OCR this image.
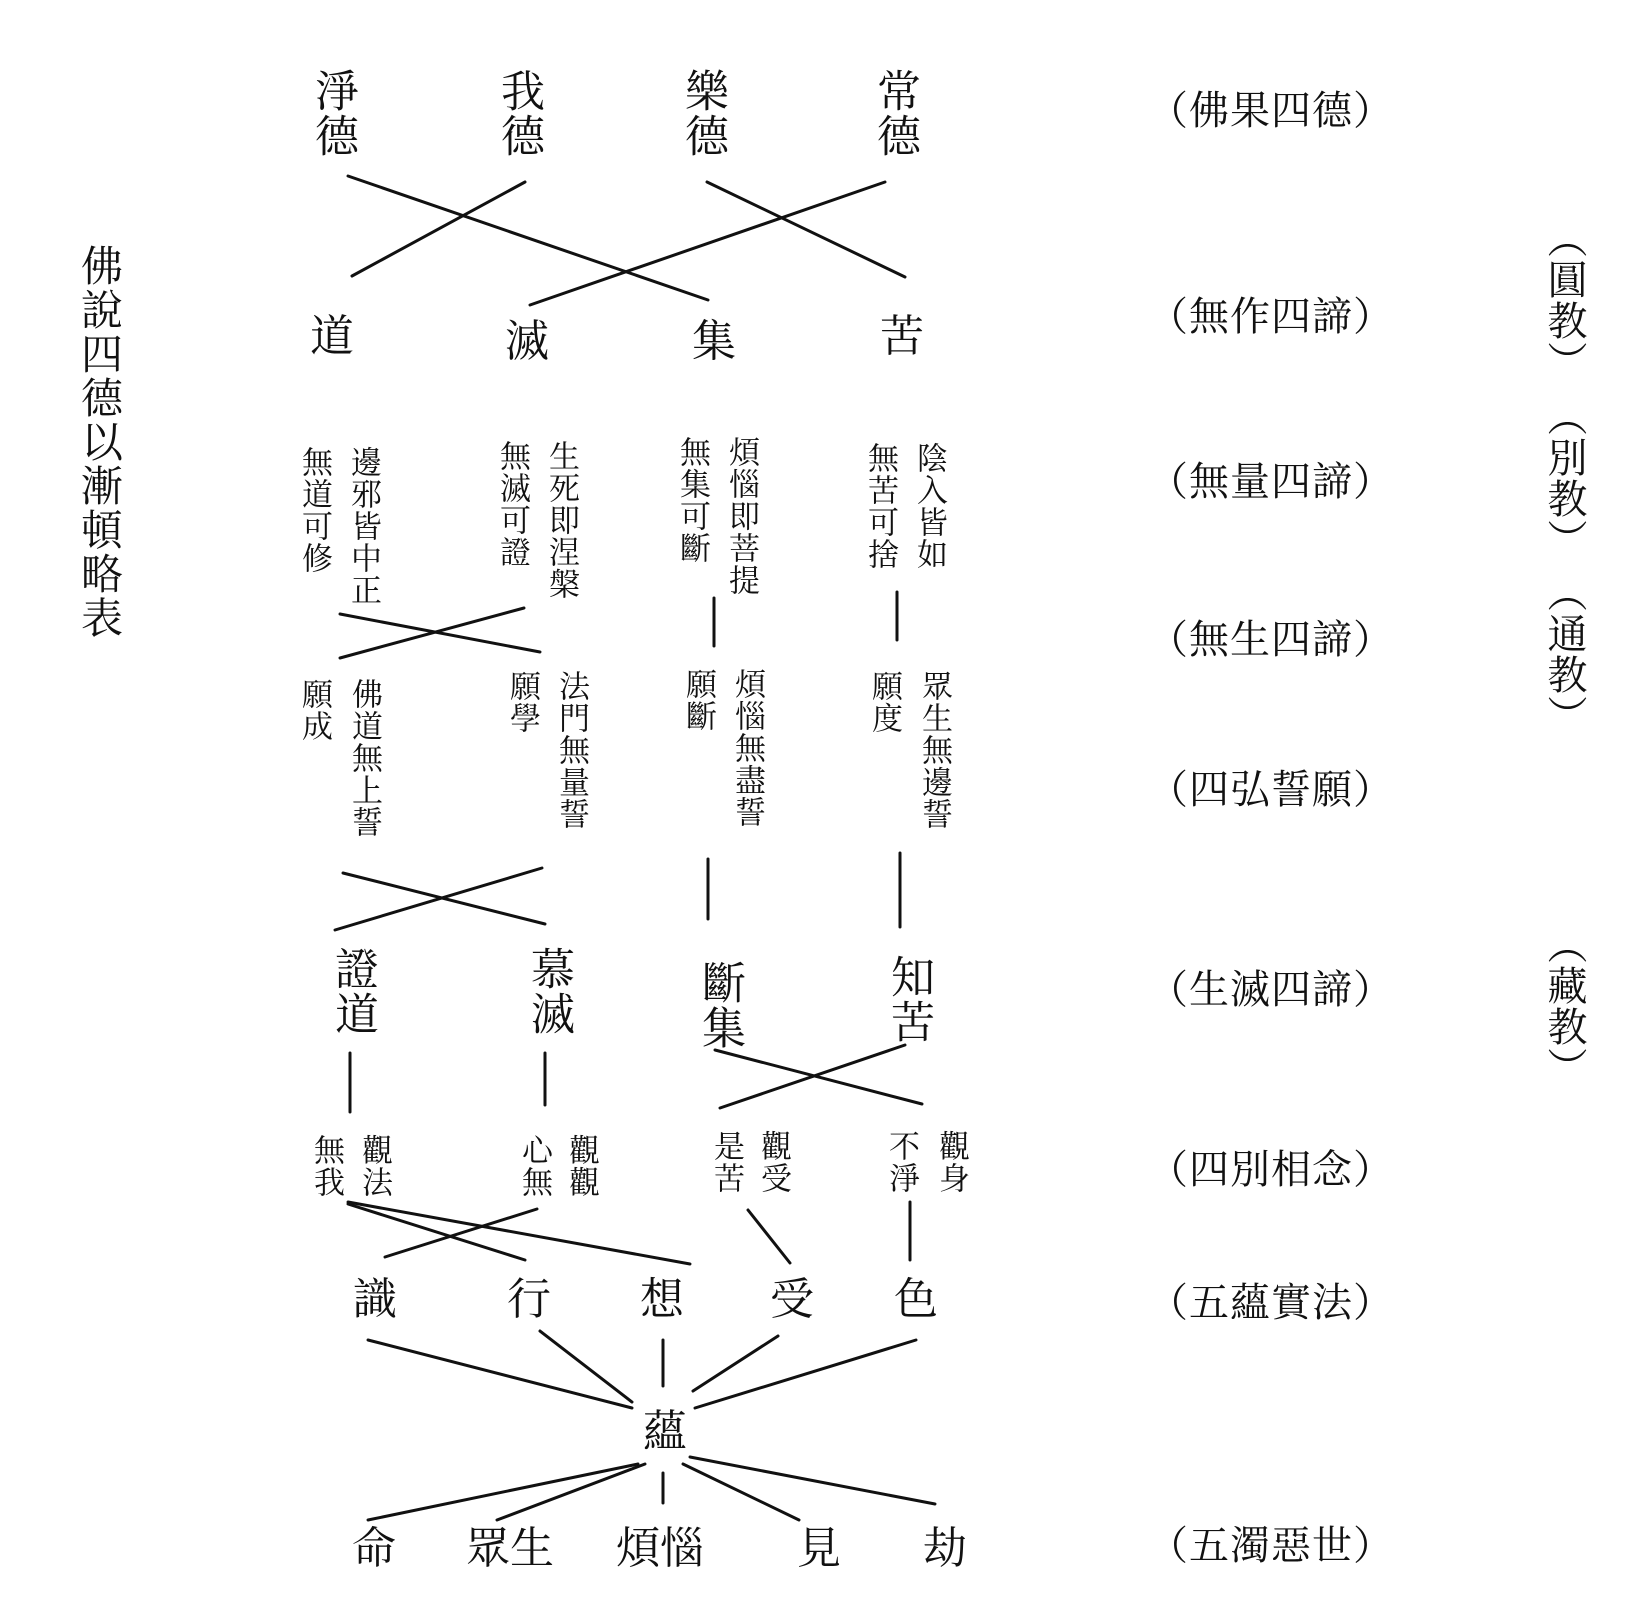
佛說四德以漸頓略表
淨德	我德	樂德	常德
道	滅	集	苦
邊邪皆中正
無道可修	生死即涅槃
無滅可證	煩惱即菩提
無集可斷	陰入皆如
無苦可捨
佛道無上誓
願成	法門無量誓
願學	煩惱無盡誓
願斷	眾生無邊誓
願度
證道	慕滅	斷集	知苦
觀法
無我	觀觀
心無	觀受
是苦	觀身
不淨
識	行 想 受 色
蘊
命 眾生 煩惱 見 劫
（佛果四德）
（無作四諦）
（無量四諦）
（無生四諦）
（四弘誓願）
（生滅四諦）
（四別相念）
（五蘊實法）
（五濁惡世）
（圓教）
（別教）
（通教）
（藏教）
